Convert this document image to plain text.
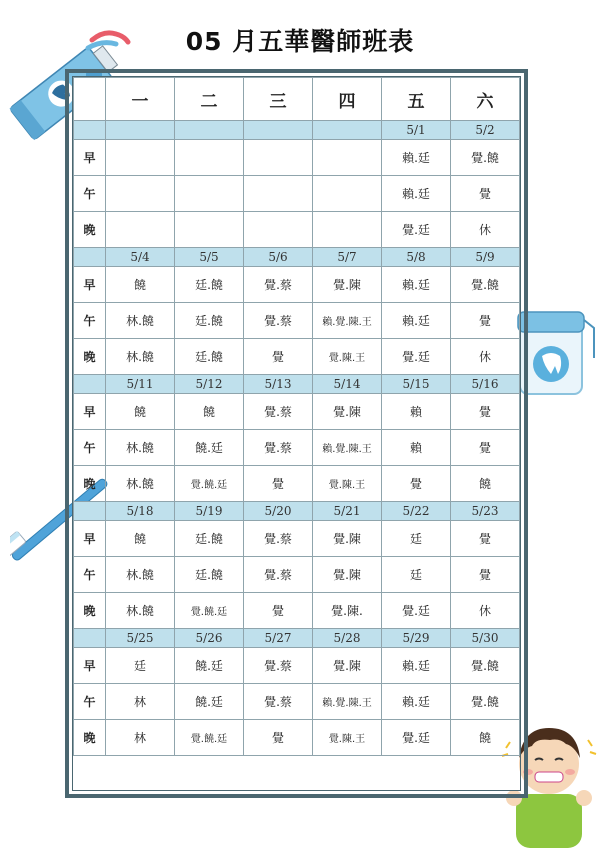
05 月五華醫師班表
	一	二	三	四	五	六
					5/1	5/2
早					賴.廷	覺.饒
午					賴.廷	覺
晚					覺.廷	休
	5/4	5/5	5/6	5/7	5/8	5/9
早	饒	廷.饒	覺.蔡	覺.陳	賴.廷	覺.饒
午	林.饒	廷.饒	覺.蔡	賴.覺.陳.王	賴.廷	覺
晚	林.饒	廷.饒	覺	覺.陳.王	覺.廷	休
	5/11	5/12	5/13	5/14	5/15	5/16
早	饒	饒	覺.蔡	覺.陳	賴	覺
午	林.饒	饒.廷	覺.蔡	賴.覺.陳.王	賴	覺
晚	林.饒	覺.饒.廷	覺	覺.陳.王	覺	饒
	5/18	5/19	5/20	5/21	5/22	5/23
早	饒	廷.饒	覺.蔡	覺.陳	廷	覺
午	林.饒	廷.饒	覺.蔡	覺.陳	廷	覺
晚	林.饒	覺.饒.廷	覺	覺.陳.	覺.廷	休
	5/25	5/26	5/27	5/28	5/29	5/30
早	廷	饒.廷	覺.蔡	覺.陳	賴.廷	覺.饒
午	林	饒.廷	覺.蔡	賴.覺.陳.王	賴.廷	覺.饒
晚	林	覺.饒.廷	覺	覺.陳.王	覺.廷	饒
